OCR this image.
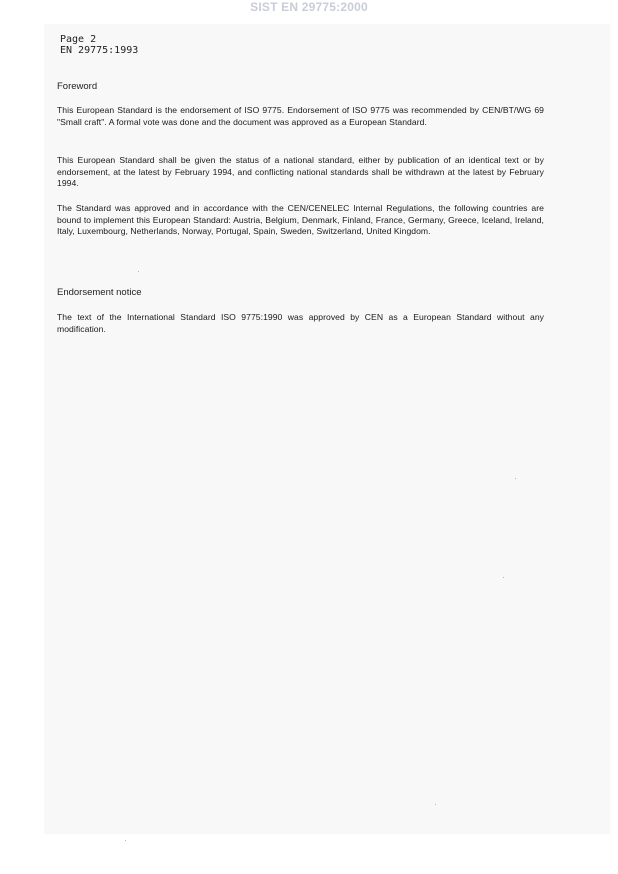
SIST EN 29775:2000
Page 2
EN 29775:1993
Foreword
This European Standard is the endorsement of ISO 9775. Endorsement of ISO 9775 was recommended by CEN/BT/WG 69 "Small craft". A formal vote was done and the document was approved as a European Standard.
This European Standard shall be given the status of a national standard, either by publication of an identical text or by endorsement, at the latest by February 1994, and conflicting national standards shall be withdrawn at the latest by February 1994.
The Standard was approved and in accordance with the CEN/CENELEC Internal Regulations, the following countries are bound to implement this European Standard: Austria, Belgium, Denmark, Finland, France, Germany, Greece, Iceland, Ireland, Italy, Luxembourg, Netherlands, Norway, Portugal, Spain, Sweden, Switzerland, United Kingdom.
Endorsement notice
The text of the International Standard ISO 9775:1990 was approved by CEN as a European Standard without any modification.
